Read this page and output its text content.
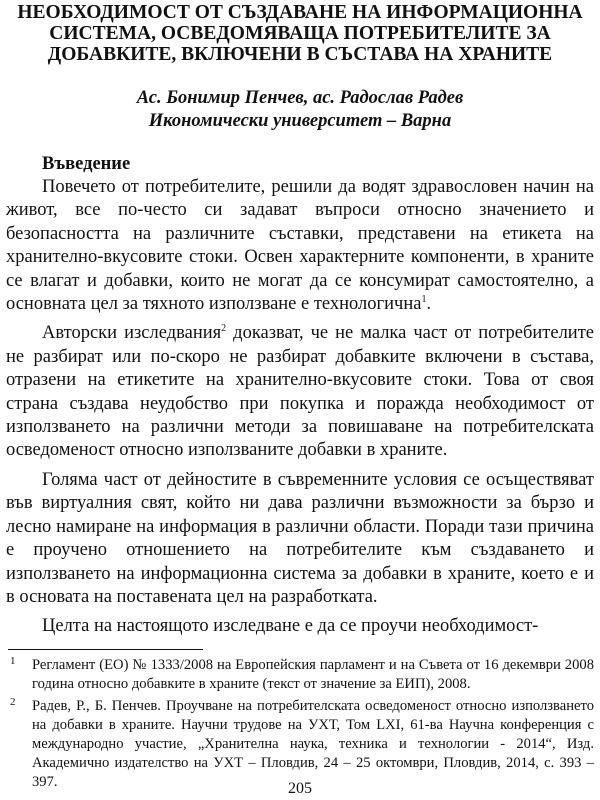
НЕОБХОДИМОСТ ОТ СЪЗДАВАНЕ НА ИНФОРМАЦИОННА
СИСТЕМА, ОСВЕДОМЯВАЩА ПОТРЕБИТЕЛИТЕ ЗА
ДОБАВКИТЕ, ВКЛЮЧЕНИ В СЪСТАВА НА ХРАНИТЕ
Ас. Бонимир Пенчев, ас. Радослав Радев
Икономически университет – Варна
Въведение

Повечето от потребителите, решили да водят здравословен начин на живот, все по-често си задават въпроси относно значението и безопасността на различните съставки, представени на етикета на хранително-вкусовите стоки. Освен характерните компоненти, в храните се влагат и добавки, които не могат да се консумират самостоятелно, а основната цел за тяхното използване е технологична$^1$.

Авторски изследвания$^2$ доказват, че не малка част от потребителите не разбират или по-скоро не разбират добавките включени в състава, отразени на етикетите на хранително-вкусовите стоки. Това от своя страна създава неудобство при покупка и поражда необходимост от използването на различни методи за повишаване на потребителската осведоменост относно използваните добавки в храните.

Голяма част от дейностите в съвременните условия се осъществяват във виртуалния свят, който ни дава различни възможности за бързо и лесно намиране на информация в различни области. Поради тази причина е проучено отношението на потребителите към създаването и използването на информационна система за добавки в храните, което е и в основата на поставената цел на разработката.

Целта на настоящото изследване е да се проучи необходимост-

1 Регламент (ЕО) № 1333/2008 на Европейския парламент и на Съвета от 16 декември 2008 година относно добавките в храните (текст от значение за ЕИП), 2008.
2 Радев, Р., Б. Пенчев. Проучване на потребителската осведоменост относно използването на добавки в храните. Научни трудове на УХТ, Том LXI, 61-ва Научна конференция с международно участие, „Хранителна наука, техника и технологии - 2014“, Изд. Академично издателство на УХТ – Пловдив, 24 – 25 октомври, Пловдив, 2014, с. 393 – 397.	205
